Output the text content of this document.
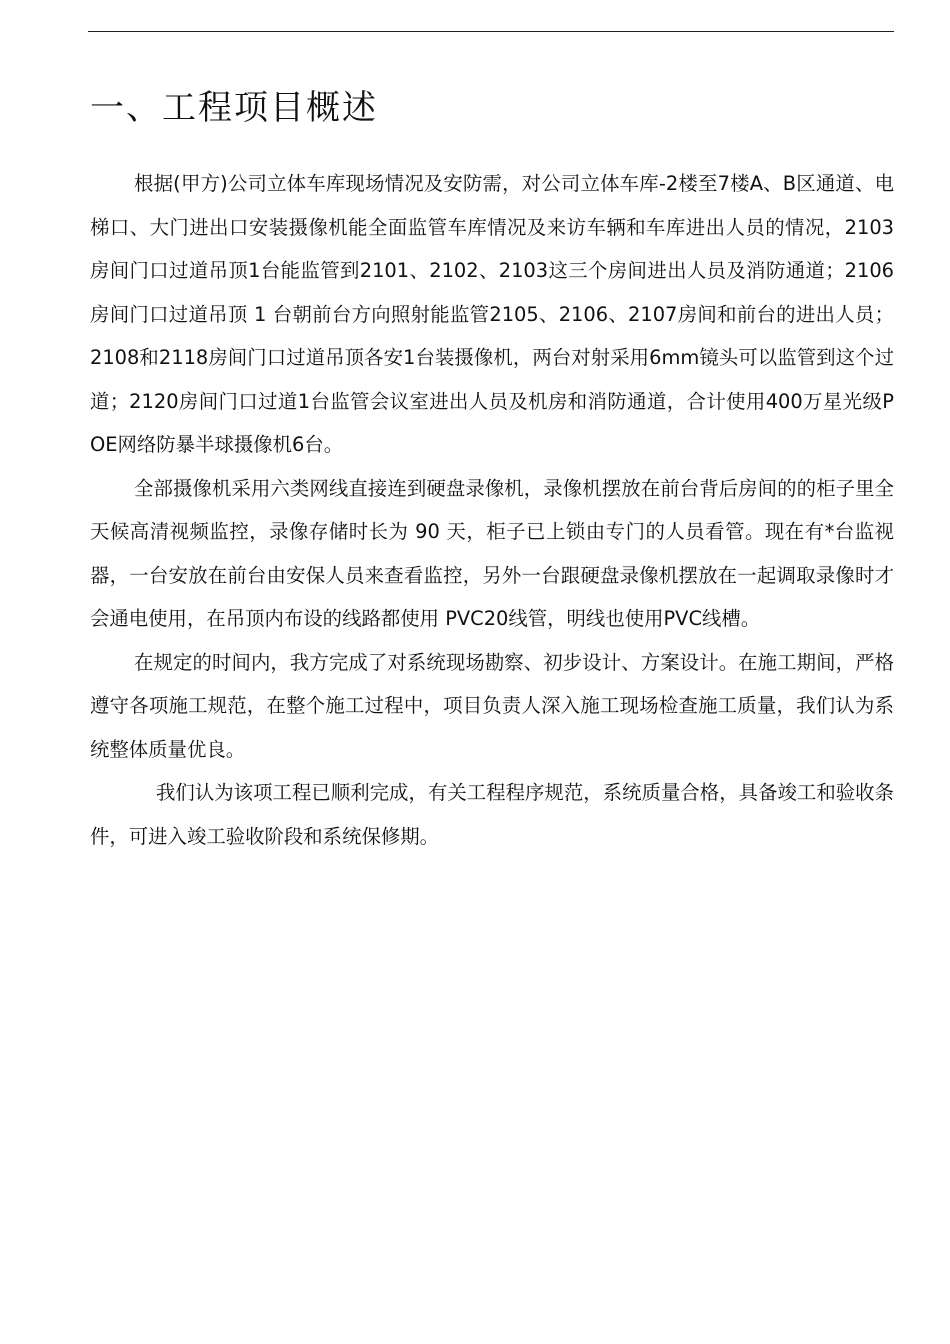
一、工程项目概述

根据(甲方)公司立体车库现场情况及安防需，对公司立体车库-2楼至7楼A、B区通道、电梯口、大门进出口安装摄像机能全面监管车库情况及来访车辆和车库进出人员的情况，2103房间门口过道吊顶1台能监管到2101、2102、2103这三个房间进出人员及消防通道；2106 房间门口过道吊顶 1 台朝前台方向照射能监管2105、2106、2107房间和前台的进出人员；2108和2118房间门口过道吊顶各安1台装摄像机，两台对射采用6mm镜头可以监管到这个过道；2120房间门口过道1台监管会议室进出人员及机房和消防通道，合计使用400万星光级POE网络防暴半球摄像机6台。

全部摄像机采用六类网线直接连到硬盘录像机，录像机摆放在前台背后房间的的柜子里全天候高清视频监控，录像存储时长为 90 天，柜子已上锁由专门的人员看管。现在有*台监视器，一台安放在前台由安保人员来查看监控，另外一台跟硬盘录像机摆放在一起调取录像时才会通电使用，在吊顶内布设的线路都使用 PVC20线管，明线也使用PVC线槽。

在规定的时间内，我方完成了对系统现场勘察、初步设计、方案设计。在施工期间，严格遵守各项施工规范，在整个施工过程中，项目负责人深入施工现场检查施工质量，我们认为系统整体质量优良。

我们认为该项工程已顺利完成，有关工程程序规范，系统质量合格，具备竣工和验收条件，可进入竣工验收阶段和系统保修期。
